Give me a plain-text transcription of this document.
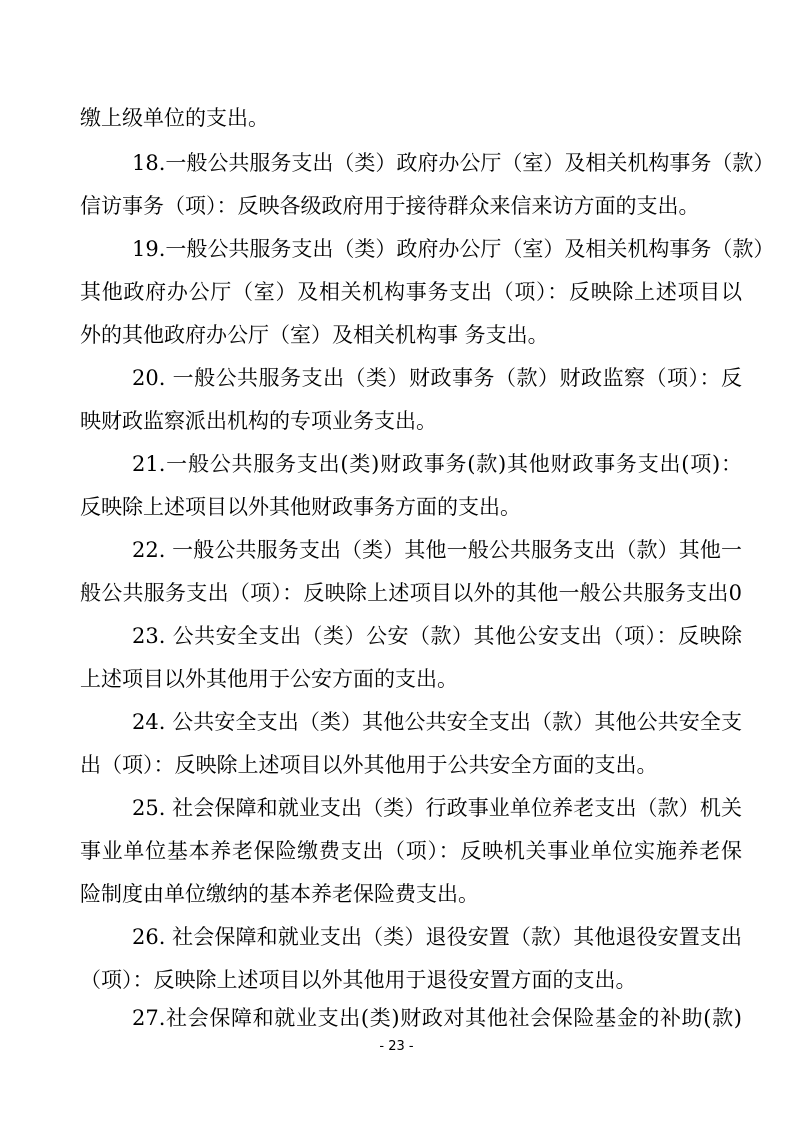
缴上级单位的支出。
18.一般公共服务支出（类）政府办公厅（室）及相关机构事务（款）
信访事务（项）：反映各级政府用于接待群众来信来访方面的支出。
19.一般公共服务支出（类）政府办公厅（室）及相关机构事务（款）
其他政府办公厅（室）及相关机构事务支出（项）：反映除上述项目以
外的其他政府办公厅（室）及相关机构事 务支出。
20. 一般公共服务支出（类）财政事务（款）财政监察（项）：反
映财政监察派出机构的专项业务支出。
21.一般公共服务支出(类)财政事务(款)其他财政事务支出(项)：
反映除上述项目以外其他财政事务方面的支出。
22. 一般公共服务支出（类）其他一般公共服务支出（款）其他一
般公共服务支出（项）：反映除上述项目以外的其他一般公共服务支出0
23. 公共安全支出（类）公安（款）其他公安支出（项）：反映除
上述项目以外其他用于公安方面的支出。
24. 公共安全支出（类）其他公共安全支出（款）其他公共安全支
出（项）：反映除上述项目以外其他用于公共安全方面的支出。
25. 社会保障和就业支出（类）行政事业单位养老支出（款）机关
事业单位基本养老保险缴费支出（项）：反映机关事业单位实施养老保
险制度由单位缴纳的基本养老保险费支出。
26. 社会保障和就业支出（类）退役安置（款）其他退役安置支出
（项）：反映除上述项目以外其他用于退役安置方面的支出。
27.社会保障和就业支出(类)财政对其他社会保险基金的补助(款)
- 23 -
